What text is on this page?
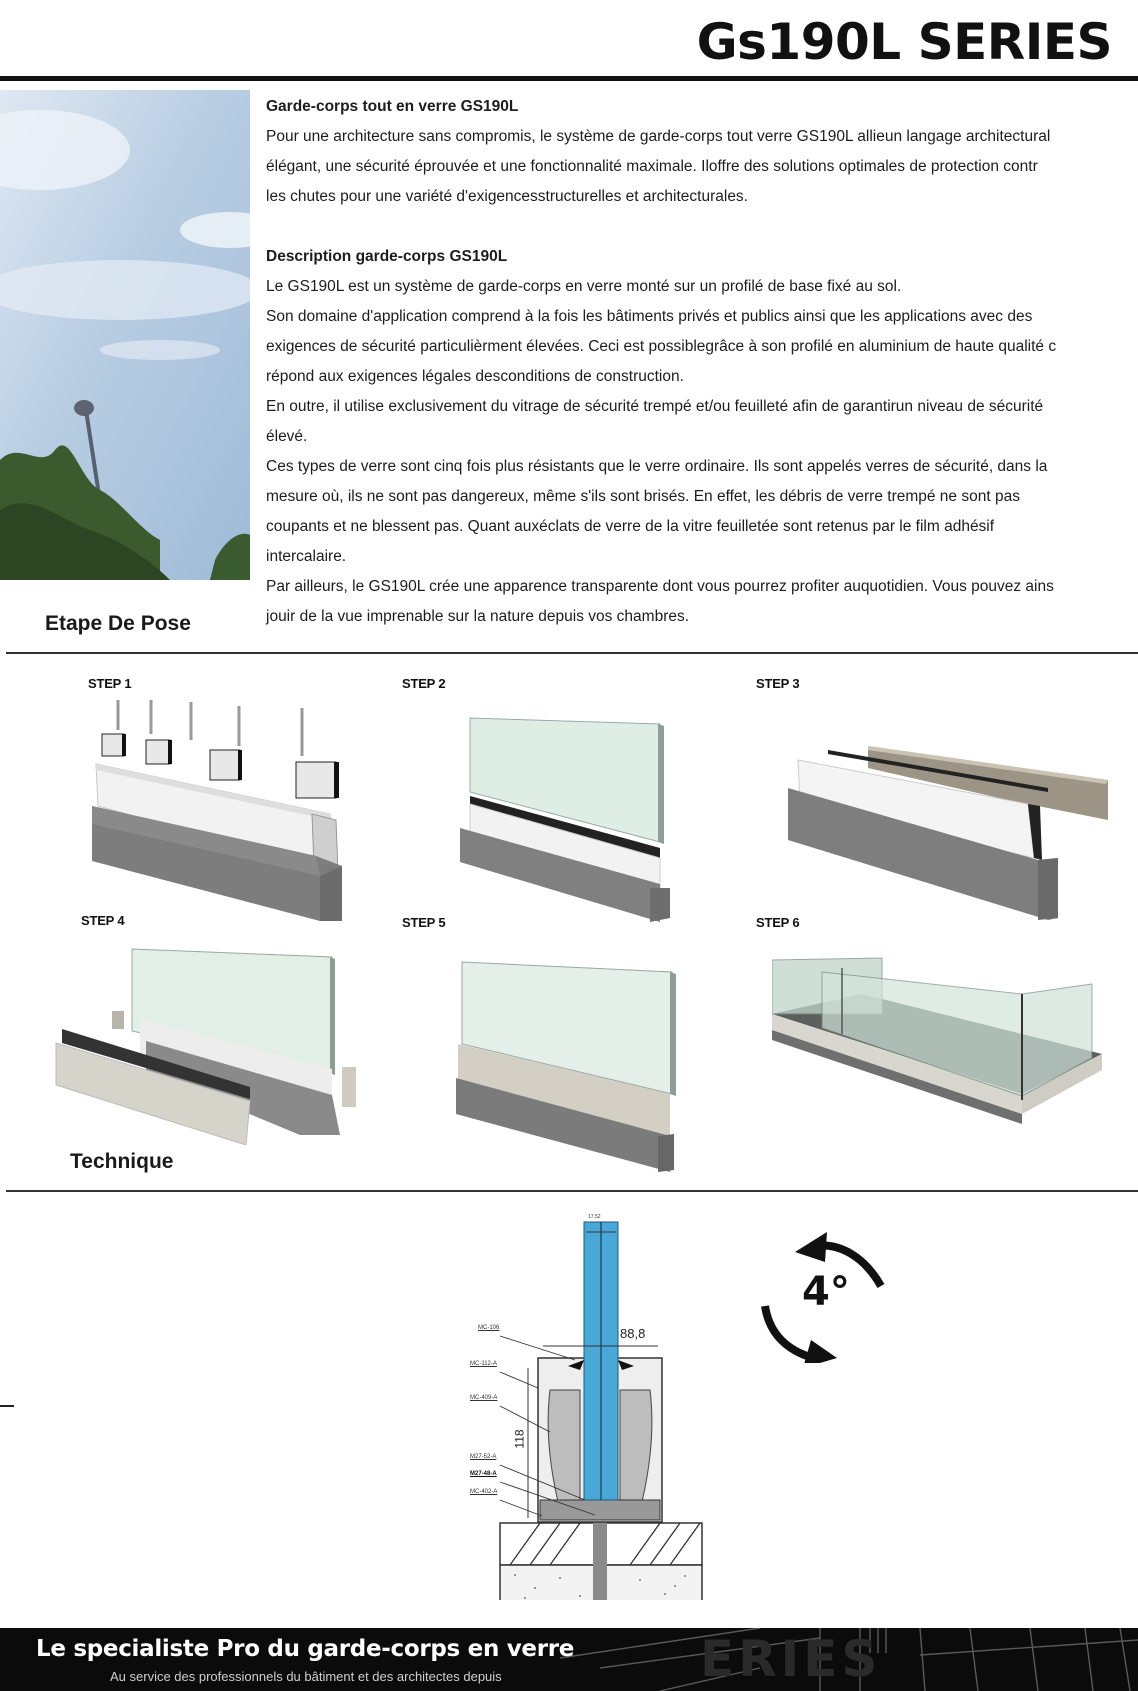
Gs190L SERIES

Garde-corps tout en verre GS190L

Pour une architecture sans compromis, le système de garde-corps tout verre GS190L allieun langage architectural

élégant, une sécurité éprouvée et une fonctionnalité maximale. Iloffre des solutions optimales de protection contr

les chutes pour une variété d'exigencesstructurelles et architecturales.

Description garde-corps GS190L

Le GS190L est un système de garde-corps en verre monté sur un profilé de base fixé au sol.

Son domaine d'application comprend à la fois les bâtiments privés et publics ainsi que les applications avec des

exigences de sécurité particulièrment élevées. Ceci est possiblegrâce à son profilé en aluminium de haute qualité c

répond aux exigences légales desconditions de construction.

En outre, il utilise exclusivement du vitrage de sécurité trempé et/ou feuilleté afin de garantirun niveau de sécurité

élevé.

Ces types de verre sont cinq fois plus résistants que le verre ordinaire. Ils sont appelés verres de sécurité, dans la

mesure où, ils ne sont pas dangereux, même s'ils sont brisés. En effet, les débris de verre trempé ne sont pas

coupants et ne blessent pas. Quant auxéclats de verre de la vitre feuilletée sont retenus par le film adhésif

intercalaire.

Par ailleurs, le GS190L crée une apparence transparente dont vous pourrez profiter auquotidien. Vous pouvez ains

jouir de la vue imprenable sur la nature depuis vos chambres.

Etape De Pose
STEP 1	STEP 2	STEP 3
STEP 4	STEP 5	STEP 6
Technique
17.52
88,8
118
MC-106
MC-112-A
MC-409-A
M27-52-A
M27-48-A
MC-402-A
4°
ERIES
Le specialiste Pro du garde-corps en verre
Au service des professionnels du bâtiment et des architectes depuis
